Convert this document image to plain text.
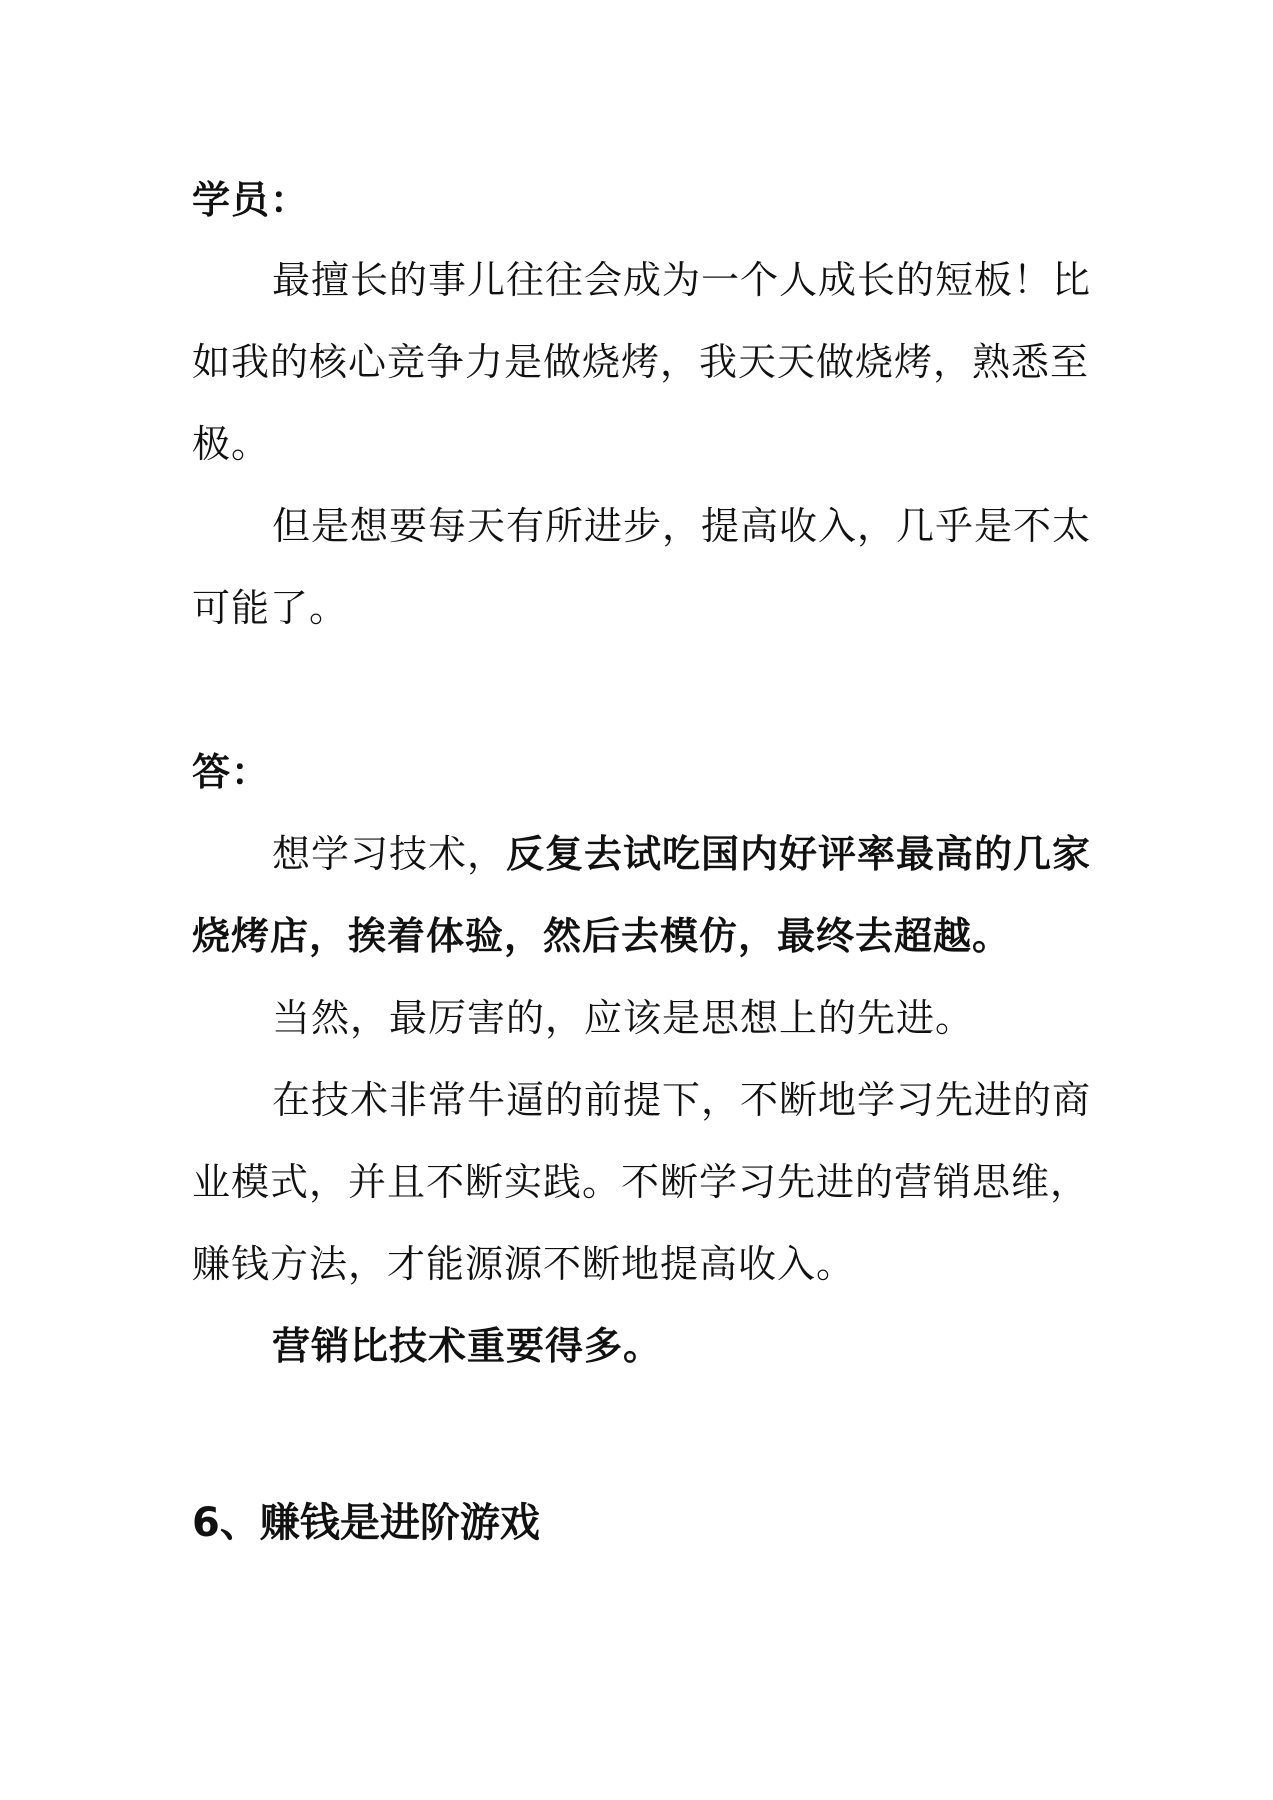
学员：
最擅长的事儿往往会成为一个人成长的短板！比
如我的核心竞争力是做烧烤，我天天做烧烤，熟悉至
极。
但是想要每天有所进步，提高收入，几乎是不太
可能了。
答：
想学习技术，反复去试吃国内好评率最高的几家
烧烤店，挨着体验，然后去模仿，最终去超越。
当然，最厉害的，应该是思想上的先进。
在技术非常牛逼的前提下，不断地学习先进的商
业模式，并且不断实践。不断学习先进的营销思维，
赚钱方法，才能源源不断地提高收入。
营销比技术重要得多。
6、赚钱是进阶游戏
